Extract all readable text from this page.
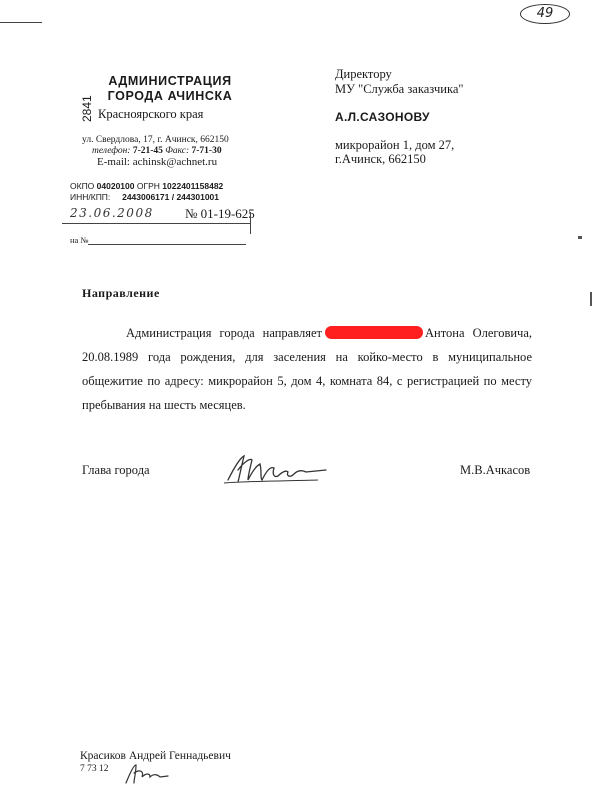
49
АДМИНИСТРАЦИЯ
ГОРОДА АЧИНСКА
2841 Красноярского края
ул. Свердлова, 17, г. Ачинск, 662150
телефон: 7-21-45 Факс: 7-71-30
E-mail: achinsk@achnet.ru
ОКПО 04020100 ОГРН 1022401158482
ИНН/КПП: 2443006171 / 244301001
23.06.2008 № 01-19-625
на №
Директору
МУ "Служба заказчика"
А.Л.САЗОНОВУ
микрорайон 1, дом 27,
г.Ачинск, 662150
Направление
Администрация города направляет	Антона Олеговича, 20.08.1989 года рождения, для заселения на койко-место в муниципальное общежитие по адресу: микрорайон 5, дом 4, комната 84, с регистрацией по месту пребывания на шесть месяцев.
Глава города	М.В.Ачкасов
Красиков Андрей Геннадьевич
7 73 12
